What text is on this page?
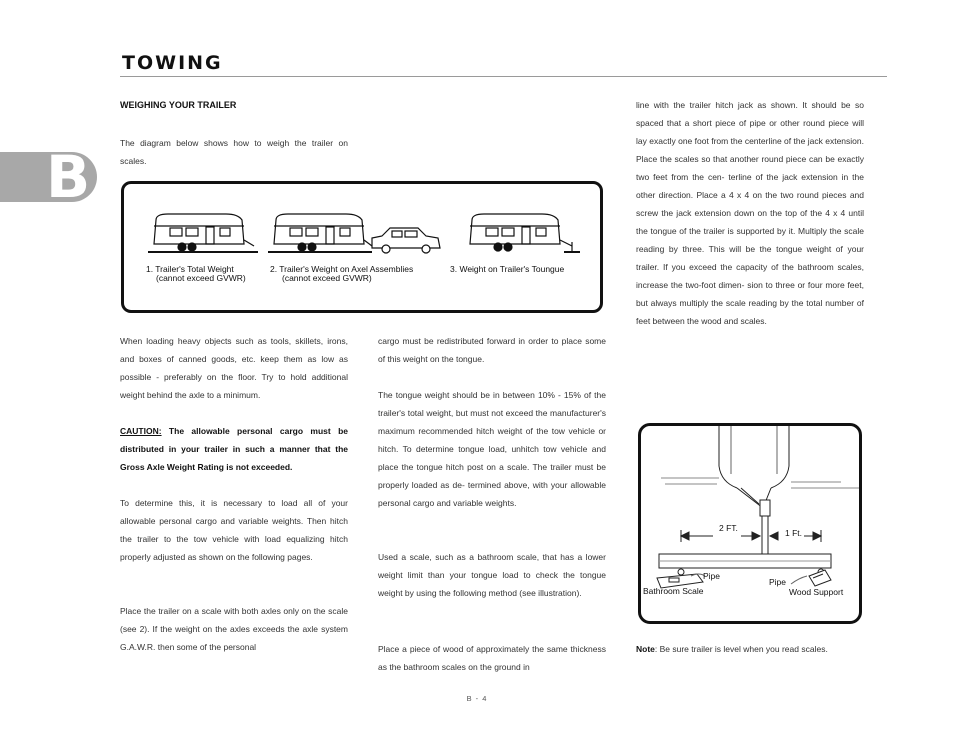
TOWING
B
WEIGHING YOUR TRAILER
The diagram below shows how to weigh the trailer on scales.
1. Trailer's Total Weight
(cannot exceed GVWR)
2. Trailer's Weight on Axel Assemblies
(cannot exceed GVWR)
3. Weight on Trailer's Toungue
When loading heavy objects such as tools, skillets, irons, and boxes of canned goods, etc. keep them as low as possible - preferably on the floor. Try to hold additional weight behind the axle to a minimum.
CAUTION: The allowable personal cargo must be distributed in your trailer in such a manner that the Gross Axle Weight Rating is not exceeded.
To determine this, it is necessary to load all of your allowable personal cargo and variable weights. Then hitch the trailer to the tow vehicle with load equalizing hitch properly adjusted as shown on the following pages.
Place the trailer on a scale with both axles only on the scale (see 2). If the weight on the axles exceeds the axle system G.A.W.R. then some of the personal
cargo must be redistributed forward in order to place some of this weight on the tongue.
The tongue weight should be in between 10% - 15% of the trailer's total weight, but must not exceed the manufacturer's maximum recommended hitch weight of the tow vehicle or hitch. To determine tongue load, unhitch tow vehicle and place the tongue hitch post on a scale. The trailer must be properly loaded as de- termined above, with your allowable personal cargo and variable weights.
Used a scale, such as a bathroom scale, that has a lower weight limit than your tongue load to check the tongue weight by using the following method (see illustration).
Place a piece of wood of approximately the same thickness as the bathroom scales on the ground in
line with the trailer hitch jack as shown. It should be so spaced that a short piece of pipe or other round piece will lay exactly one foot from the centerline of the jack extension. Place the scales so that another round piece can be exactly two feet from the cen- terline of the jack extension in the other direction. Place a 4 x 4 on the two round pieces and screw the jack extension down on the top of the 4 x 4 until the tongue of the trailer is supported by it. Multiply the scale reading by three. This will be the tongue weight of your trailer. If you exceed the capacity of the bathroom scales, increase the two-foot dimen- sion to three or four more feet, but always multiply the scale reading by the total number of feet between the wood and scales.
2 FT.	1 Ft.
Pipe
Pipe
Bathroom Scale	Wood Support
Note: Be sure trailer is level when you read scales.
B - 4
